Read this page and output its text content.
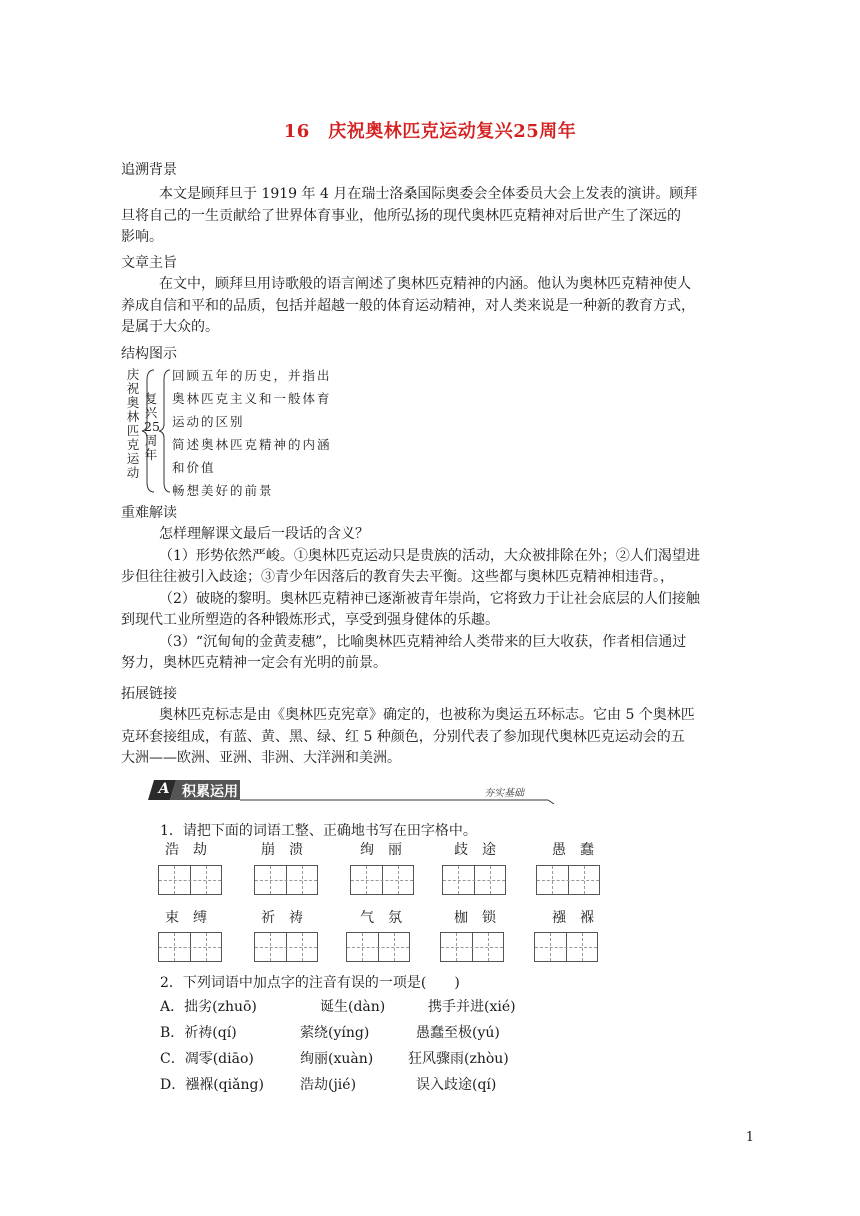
16　庆祝奥林匹克运动复兴25周年
追溯背景
本文是顾拜旦于 1919 年 4 月在瑞士洛桑国际奥委会全体委员大会上发表的演讲。顾拜
旦将自己的一生贡献给了世界体育事业，他所弘扬的现代奥林匹克精神对后世产生了深远的
影响。
文章主旨
在文中，顾拜旦用诗歌般的语言阐述了奥林匹克精神的内涵。他认为奥林匹克精神使人
养成自信和平和的品质，包括并超越一般的体育运动精神，对人类来说是一种新的教育方式，
是属于大众的。
结构图示
庆祝奥林匹克运动
复兴25周年
回顾五年的历史，并指出
奥林匹克主义和一般体育
运动的区别
简述奥林匹克精神的内涵
和价值
畅想美好的前景
重难解读
怎样理解课文最后一段话的含义？
（1）形势依然严峻。①奥林匹克运动只是贵族的活动，大众被排除在外；②人们渴望进
步但往往被引入歧途；③青少年因落后的教育失去平衡。这些都与奥林匹克精神相违背。，
（2）破晓的黎明。奥林匹克精神已逐渐被青年崇尚，它将致力于让社会底层的人们接触
到现代工业所塑造的各种锻炼形式，享受到强身健体的乐趣。
（3）“沉甸甸的金黄麦穗”，比喻奥林匹克精神给人类带来的巨大收获，作者相信通过
努力，奥林匹克精神一定会有光明的前景。
拓展链接
奥林匹克标志是由《奥林匹克宪章》确定的，也被称为奥运五环标志。它由 5 个奥林匹
克环套接组成，有蓝、黄、黑、绿、红 5 种颜色，分别代表了参加现代奥林匹克运动会的五
大洲——欧洲、亚洲、非洲、大洋洲和美洲。
A 积累运用	夯实基础
1．请把下面的词语工整、正确地书写在田字格中。
浩　劫	崩　溃	绚　丽	歧　途	愚　蠢
束　缚	祈　祷	气　氛	枷　锁	襁　褓
2．下列词语中加点字的注音有误的一项是(　　)
A．拙劣(zhuō)	诞生(dàn)	携手并进(xié)
B．祈祷(qí)	萦绕(yíng)	愚蠢至极(yú)
C．凋零(diāo)	绚丽(xuàn) 狂风骤雨(zhòu)
D．襁褓(qiǎng)	浩劫(jié)	误入歧途(qí)
1
